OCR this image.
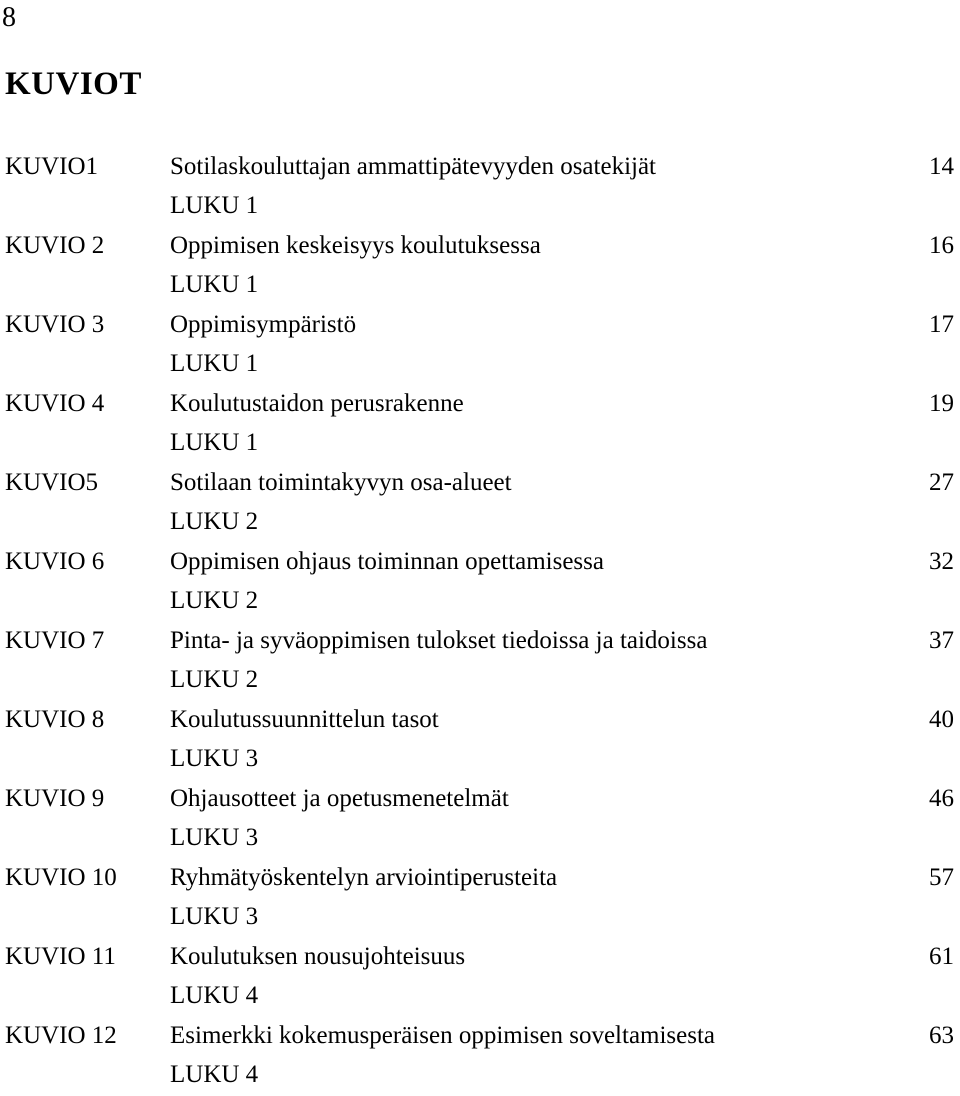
8
KUVIOT
KUVIO1	Sotilaskouluttajan ammattipätevyyden osatekijät	14
LUKU 1
KUVIO 2	Oppimisen keskeisyys koulutuksessa	16
LUKU 1
KUVIO 3	Oppimisympäristö	17
LUKU 1
KUVIO 4	Koulutustaidon perusrakenne	19
LUKU 1
KUVIO5	Sotilaan toimintakyvyn osa-alueet	27
LUKU 2
KUVIO 6	Oppimisen ohjaus toiminnan opettamisessa	32
LUKU 2
KUVIO 7	Pinta- ja syväoppimisen tulokset tiedoissa ja taidoissa	37
LUKU 2
KUVIO 8	Koulutussuunnittelun tasot	40
LUKU 3
KUVIO 9	Ohjausotteet ja opetusmenetelmät	46
LUKU 3
KUVIO 10 Ryhmätyöskentelyn arviointiperusteita	57
LUKU 3
KUVIO 11 Koulutuksen nousujohteisuus	61
LUKU 4
KUVIO 12 Esimerkki kokemusperäisen oppimisen soveltamisesta	63
LUKU 4
